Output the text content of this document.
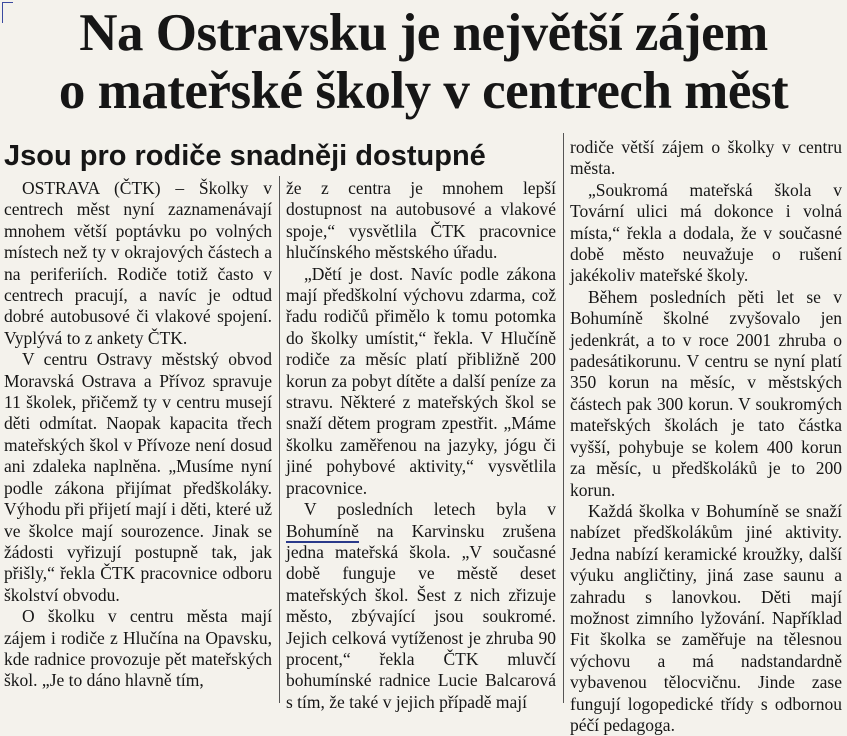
Na Ostravsku je největší zájem
o mateřské školy v centrech měst
Jsou pro rodiče snadněji dostupné

OSTRAVA (ČTK) – Školky v centrech měst nyní zaznamenávají mnohem větší poptávku po volných místech než ty v okrajových částech a na periferiích. Rodiče totiž často v centrech pracují, a navíc je odtud dobré autobusové či vlakové spojení. Vyplývá to z ankety ČTK.

V centru Ostravy městský obvod Moravská Ostrava a Přívoz spravuje 11 školek, přičemž ty v centru musejí děti odmítat. Naopak kapacita třech mateřských škol v Přívoze není dosud ani zdaleka naplněna. „Musíme nyní podle zákona přijímat předškoláky. Výhodu při přijetí mají i děti, které už ve školce mají sourozence. Jinak se žádosti vyřizují postupně tak, jak přišly,“ řekla ČTK pracovnice odboru školství obvodu.

O školku v centru města mají zájem i rodiče z Hlučína na Opavsku, kde radnice provozuje pět mateřských škol. „Je to dáno hlavně tím,

že z centra je mnohem lepší dostupnost na autobusové a vlakové spoje,“ vysvětlila ČTK pracovnice hlučínského městského úřadu.

„Dětí je dost. Navíc podle zákona mají předškolní výchovu zdarma, což řadu rodičů přimělo k tomu potomka do školky umístit,“ řekla. V Hlučíně rodiče za měsíc platí přibližně 200 korun za pobyt dítěte a další peníze za stravu. Některé z mateřských škol se snaží dětem program zpestřit. „Máme školku zaměřenou na jazyky, jógu či jiné pohybové aktivity,“ vysvětlila pracovnice.

V posledních letech byla v Bohumíně na Karvinsku zrušena jedna mateřská škola. „V současné době funguje ve městě deset mateřských škol. Šest z nich zřizuje město, zbývající jsou soukromé. Jejich celková vytíženost je zhruba 90 procent,“ řekla ČTK mluvčí bohumínské radnice Lucie Balcarová s tím, že také v jejich případě mají

rodiče větší zájem o školky v centru města.

„Soukromá mateřská škola v Tovární ulici má dokonce i volná místa,“ řekla a dodala, že v současné době město neuvažuje o rušení jakékoliv mateřské školy.

Během posledních pěti let se v Bohumíně školné zvyšovalo jen jedenkrát, a to v roce 2001 zhruba o padesátikorunu. V centru se nyní platí 350 korun na měsíc, v městských částech pak 300 korun. V soukromých mateřských školách je tato částka vyšší, pohybuje se kolem 400 korun za měsíc, u předškoláků je to 200 korun.

Každá školka v Bohumíně se snaží nabízet předškolákům jiné aktivity. Jedna nabízí keramické kroužky, další výuku angličtiny, jiná zase saunu a zahradu s lanovkou. Děti mají možnost zimního lyžování. Například Fit školka se zaměřuje na tělesnou výchovu a má nadstandardně vybavenou tělocvičnu. Jinde zase fungují logopedické třídy s odbornou péčí pedagoga.
